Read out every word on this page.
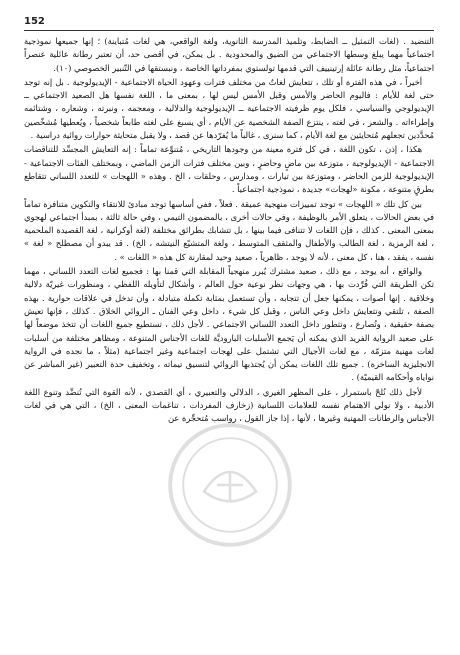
152

التنضيد . (لغات التمثيل ــ الضابط، وتلميذ المدرسة الثانوية، ولغة الواقعي، هي لغات مُتباينة) ؛ إنها جميعها نموذجية اجتماعياً مهما يبلغ وسطها الاجتماعي من الضيق والمحدودية . بل يمكن، في أقصى حد، أن تعتبر رطانة عائلية عنصراً اجتماعياً، مثل رطانة عائلة إرتينييف التي قدمها تولستوي بمفرداتها الخاصة ، ونبستقها في التّنبير الخصوصي (١٠).

أخيراً ، في هذه الفترة أو تلك ، تتعايش لغاتٌ من مختلف فترات وعهود الحياة الاجتماعية - الإيديولوجية . بل إنه توجد حتى لغة للأيام : فاليوم الحاضر والأمس وقبل الأمس ليس لها ، بمعنى ما ، اللغة نفسها هل الصعيد الاجتماعي ــ الإيديولوجي والسياسي ، فلكل يوم ظرفيته الاجتماعية ــ الإيديولوجية والدلالية ، ومعجمه ، ونبرته ، وشعاره ، وشتائمه وإطراءاته . والشعر ، في لغته ، ينتزع الصفة الشخصية عن الأيام ، أي يسبغ على لغته طابعاً شخصياً ، ويُعطيها مُشخّصين مُحدَّدين تجعلهم مُتحايثين مع لغة الأيام ، كما سنرى ، غالباً ما يُفرّدها عن قصد ، ولا يقبل متحايثة حوارات روائية دراسية .

هكذا ، إذن ، تكون اللغة ، في كل فترة معينة من وجودها التاريخي ، مُتنوِّعة تماماً : إنه التعايش المجسِّد للتناقضات الاجتماعية - الإيديولوجية ، متوزعة بين ماضٍ وحاضرٍ ، وبين مختلف فترات الزمن الماضي ، وبمختلف الفئات الاجتماعية - الإيديولوجية للزمن الحاضر ، ومتوزعة بين تيارات ، ومدارس ، وحلقات ، الخ . وهذه « اللهجات » للتعدد اللساني تتقاطع بطرقٍ متنوعة ، مكونة «لهجات» جديدة ، نموذجية اجتماعياً .

بين كل تلك « اللهجات » توجد تمييزات منهجية عميقة . فعلاً ، ففي أساسها توجد مبادئ للانتقاء والتكوين متنافرة تماماً في بعض الحالات ، يتعلق الأمر بالوظيفة ، وفي حالات أخرى ، بالمضمون التيمي ، وفي حالة ثالثة ، بمبدأ اجتماعي لهجوي بمعنى المعنى . كذلك ، فإن اللغات لا تتنافى فيما بينها ، بل تتشابك بطرائق مختلفة (لغة أوكرانية ، لغة القصيدة الملحمية ، لغة الرمزية ، لغة الطالب والأطفال والمثقف المتوسط ، ولغة المتشيّع النيتشه ، الخ) . قد يبدو أن مصطلح « لغة » نفسه ، يفقد ، هنا ، كل معنى ، لأنه لا يوجد ، ظاهرياً ، صعيد وحيد لمقارنة كل هذه « اللغات » .

والواقع ، أنه يوجد ، مع ذلك ، صعيد مشترك يُبرر منهجياً المقابلة التي قمنا بها : فجميع لغات التعدد اللساني ، مهما تكن الطريقة التي فُرِّدت بها ، هي وجهات نظر نوعية حول العالم ، وأشكال لتأويله اللفظي ، ومنظورات غيريّة دلالية وخلاقية . إنها أصوات ، يمكنها جعل أن تتجابه ، وأن تستعمل بمثابة تكملة متبادلة ، وأن تدخل في علاقات حوارية . بهذه الصفة ، تلتقي وتتعايش داخل وعي الناس ، وقبل كل شيء ، داخل وعي الفنان ـ الروائي الخلاق . كذلك ، فإنها تعيش بصفة حقيقية ، وتُصارع ، وتتطور داخل التعدد اللساني الاجتماعي . لأجل ذلك ، تستطيع جميع اللغات أن تتخذ موضعاً لها على صعيد الرواية الفريد الذي يمكنه أن يَجمع الأسلبات الباروديَّة للغات الأجناس المتنوعة ، ومظاهر مختلفة من أسلبات لغات مهنية متزمّة ، مع لغات الأجيال التي تشتمل على لهجات اجتماعية وغير اجتماعية (مثلاً ، ما نجده في الرواية الانجليزية الساخرة) . جميع تلك اللغات يمكن أن يُجتذبها الروائي لتنسيق تيماته ، وتخفيف حدة التعبير (غير المباشر عن نواياه وأحكامه القيميّة) .

لأجل ذلك نُلحّ باستمرار ، على المظهر الغيري ، الدلالي والتعبيري ، أي القصدي ، لأنه القوة التي تُنضِّد وتنوع اللغة الأدبية ، ولا نولي الاهتمام نفسه للعلامات اللسانية (زخارف المفردات ، تناغمات المعنى ، الخ) ، التي هي في لغات الأجناس والرطانات المهنية وغيرها ، لأنها ، إذا جاز القول ، رواسب مُتحجِّرة عن
